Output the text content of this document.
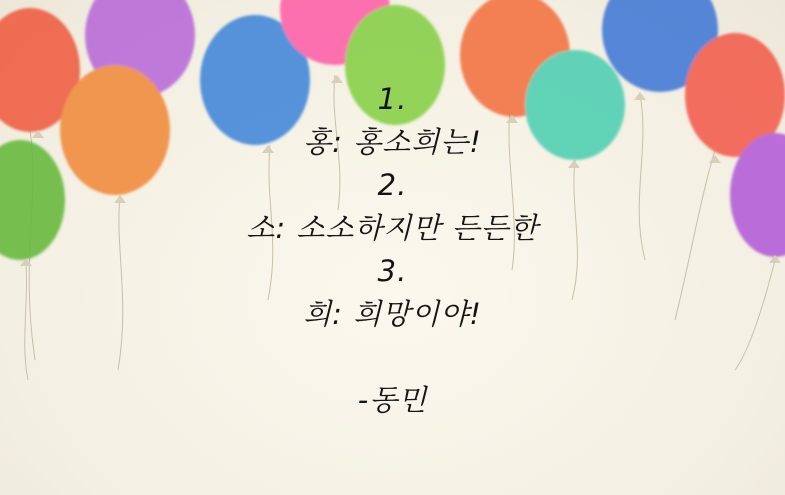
1.
홍: 홍소희는!
2.
소: 소소하지만 든든한
3.
희: 희망이야!
-동민
